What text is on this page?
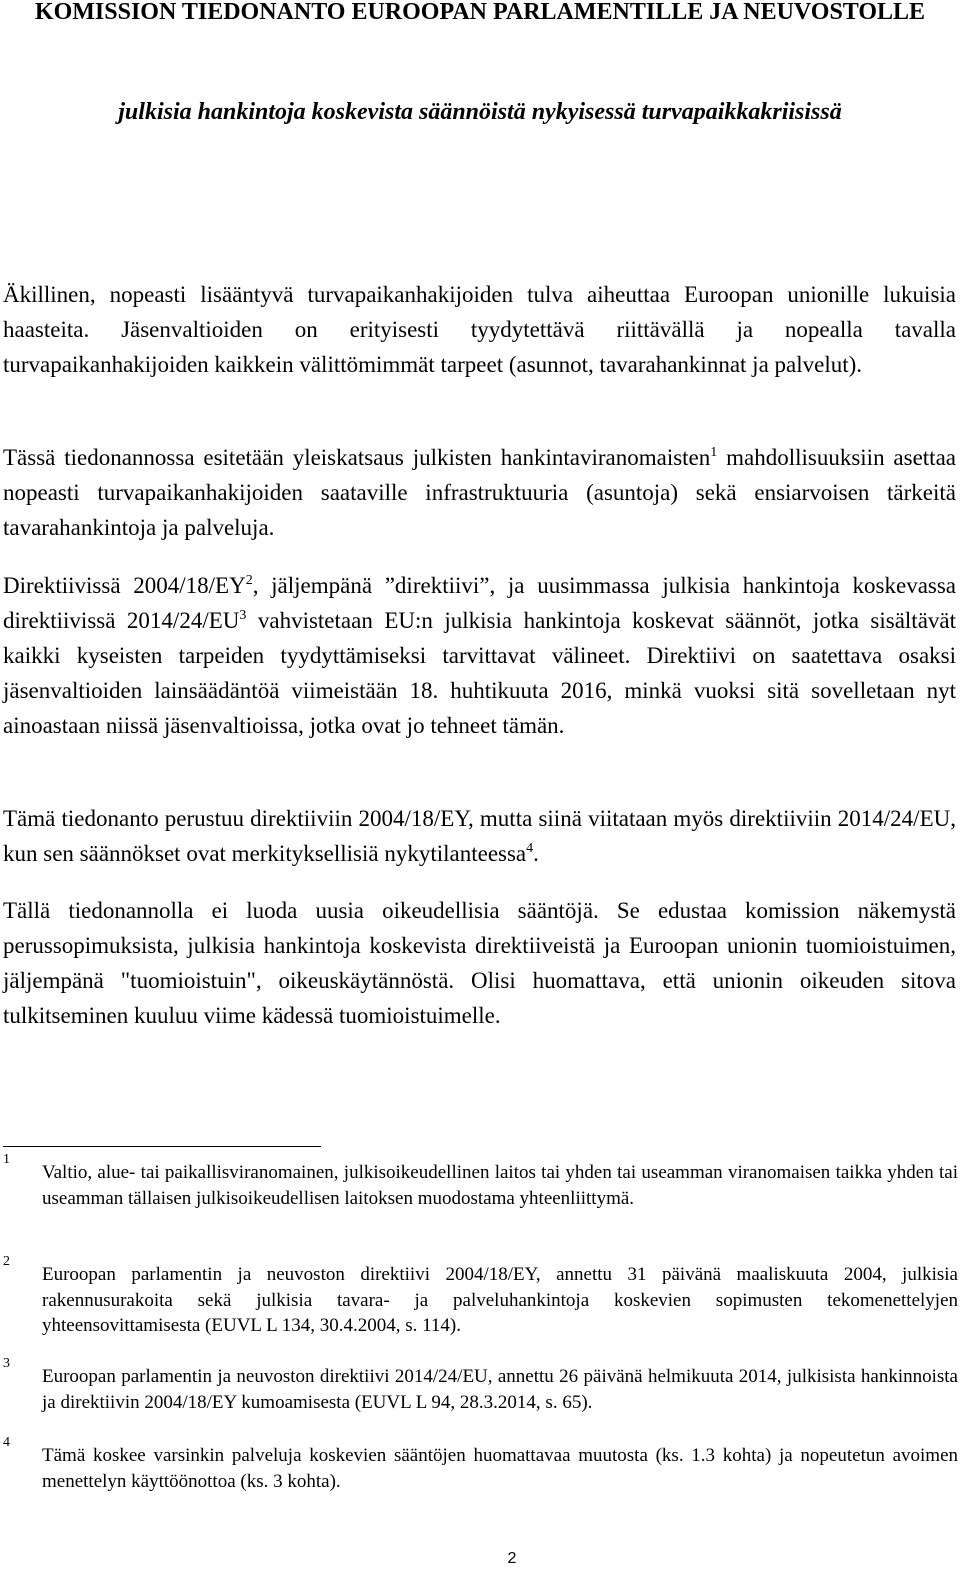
KOMISSION TIEDONANTO EUROOPAN PARLAMENTILLE JA NEUVOSTOLLE
julkisia hankintoja koskevista säännöistä nykyisessä turvapaikkakriisissä

Äkillinen, nopeasti lisääntyvä turvapaikanhakijoiden tulva aiheuttaa Euroopan unionille lukuisia haasteita. Jäsenvaltioiden on erityisesti tyydytettävä riittävällä ja nopealla tavalla turvapaikanhakijoiden kaikkein välittömimmät tarpeet (asunnot, tavarahankinnat ja palvelut).

Tässä tiedonannossa esitetään yleiskatsaus julkisten hankintaviranomaisten$^1$ mahdollisuuksiin asettaa nopeasti turvapaikanhakijoiden saataville infrastruktuuria (asuntoja) sekä ensiarvoisen tärkeitä tavarahankintoja ja palveluja.

Direktiivissä $2004/18/EY^2$, jäljempänä ”direktiivi”, ja uusimmassa julkisia hankintoja koskevassa direktiivissä $2014/24/EU^3$ vahvistetaan EU:n julkisia hankintoja koskevat säännöt, jotka sisältävät kaikki kyseisten tarpeiden tyydyttämiseksi tarvittavat välineet. Direktiivi on saatettava osaksi jäsenvaltioiden lainsäädäntöä viimeistään 18. huhtikuuta 2016, minkä vuoksi sitä sovelletaan nyt ainoastaan niissä jäsenvaltioissa, jotka ovat jo tehneet tämän.

Tämä tiedonanto perustuu direktiiviin 2004/18/EY, mutta siinä viitataan myös direktiiviin 2014/24/EU, kun sen säännökset ovat merkityksellisiä nykytilanteessa$^4$.

Tällä tiedonannolla ei luoda uusia oikeudellisia sääntöjä. Se edustaa komission näkemystä perussopimuksista, julkisia hankintoja koskevista direktiiveistä ja Euroopan unionin tuomioistuimen, jäljempänä "tuomioistuin", oikeuskäytännöstä. Olisi huomattava, että unionin oikeuden sitova tulkitseminen kuuluu viime kädessä tuomioistuimelle.

1

Valtio, alue- tai paikallisviranomainen, julkisoikeudellinen laitos tai yhden tai useamman viranomaisen taikka yhden tai useamman tällaisen julkisoikeudellisen laitoksen muodostama yhteenliittymä.

2

Euroopan parlamentin ja neuvoston direktiivi 2004/18/EY, annettu 31 päivänä maaliskuuta 2004, julkisia rakennusurakoita sekä julkisia tavara- ja palveluhankintoja koskevien sopimusten tekomenettelyjen yhteensovittamisesta (EUVL L 134, 30.4.2004, s. 114).

3

Euroopan parlamentin ja neuvoston direktiivi 2014/24/EU, annettu 26 päivänä helmikuuta 2014, julkisista hankinnoista ja direktiivin 2004/18/EY kumoamisesta (EUVL L 94, 28.3.2014, s. 65).

4

Tämä koskee varsinkin palveluja koskevien sääntöjen huomattavaa muutosta (ks. 1.3 kohta) ja nopeutetun avoimen menettelyn käyttöönottoa (ks. 3 kohta).

2
